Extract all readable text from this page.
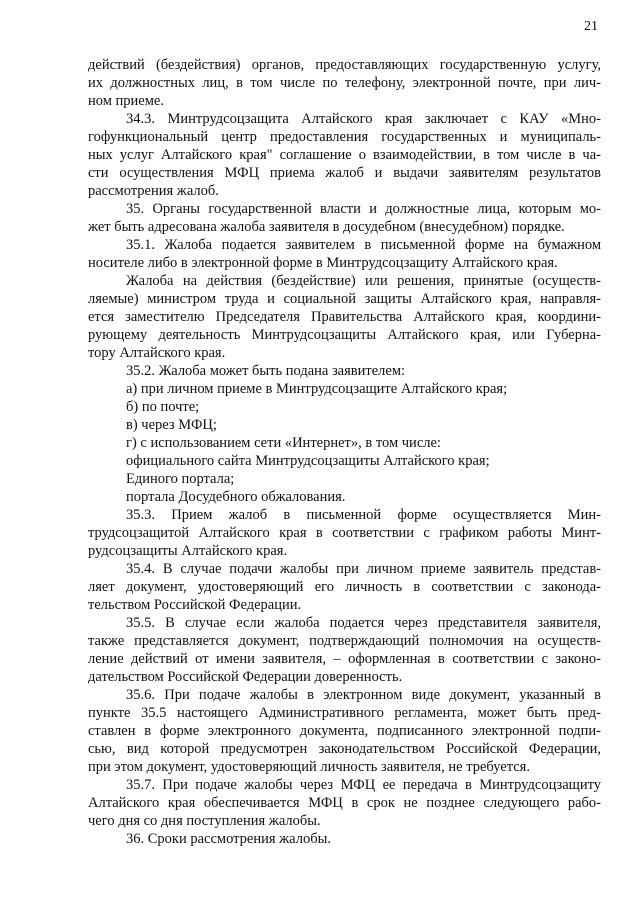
21

действий (бездействия) органов, предоставляющих государственную услугу,
их должностных лиц, в том числе по телефону, электронной почте, при лич-
ном приеме.

34.3. Минтрудсоцзащита Алтайского края заключает с КАУ «Мно-
гофункциональный центр предоставления государственных и муниципаль-
ных услуг Алтайского края" соглашение о взаимодействии, в том числе в ча-
сти осуществления МФЦ приема жалоб и выдачи заявителям результатов
рассмотрения жалоб.

35. Органы государственной власти и должностные лица, которым мо-
жет быть адресована жалоба заявителя в досудебном (внесудебном) порядке.

35.1. Жалоба подается заявителем в письменной форме на бумажном
носителе либо в электронной форме в Минтрудсоцзащиту Алтайского края.

Жалоба на действия (бездействие) или решения, принятые (осуществ-
ляемые) министром труда и социальной защиты Алтайского края, направля-
ется заместителю Председателя Правительства Алтайского края, координи-
рующему деятельность Минтрудсоцзащиты Алтайского края, или Губерна-
тору Алтайского края.

35.2. Жалоба может быть подана заявителем:

а) при личном приеме в Минтрудсоцзащите Алтайского края;

б) по почте;

в) через МФЦ;

г) с использованием сети «Интернет», в том числе:

официального сайта Минтрудсоцзащиты Алтайского края;

Единого портала;

портала Досудебного обжалования.

35.3. Прием жалоб в письменной форме осуществляется Мин-
трудсоцзащитой Алтайского края в соответствии с графиком работы Минт-
рудсоцзащиты Алтайского края.

35.4. В случае подачи жалобы при личном приеме заявитель представ-
ляет документ, удостоверяющий его личность в соответствии с законода-
тельством Российской Федерации.

35.5. В случае если жалоба подается через представителя заявителя,
также представляется документ, подтверждающий полномочия на осуществ-
ление действий от имени заявителя, – оформленная в соответствии с законо-
дательством Российской Федерации доверенность.

35.6. При подаче жалобы в электронном виде документ, указанный в
пункте 35.5 настоящего Административного регламента, может быть пред-
ставлен в форме электронного документа, подписанного электронной подпи-
сью, вид которой предусмотрен законодательством Российской Федерации,
при этом документ, удостоверяющий личность заявителя, не требуется.

35.7. При подаче жалобы через МФЦ ее передача в Минтрудсоцзащиту
Алтайского края обеспечивается МФЦ в срок не позднее следующего рабо-
чего дня со дня поступления жалобы.

36. Сроки рассмотрения жалобы.
